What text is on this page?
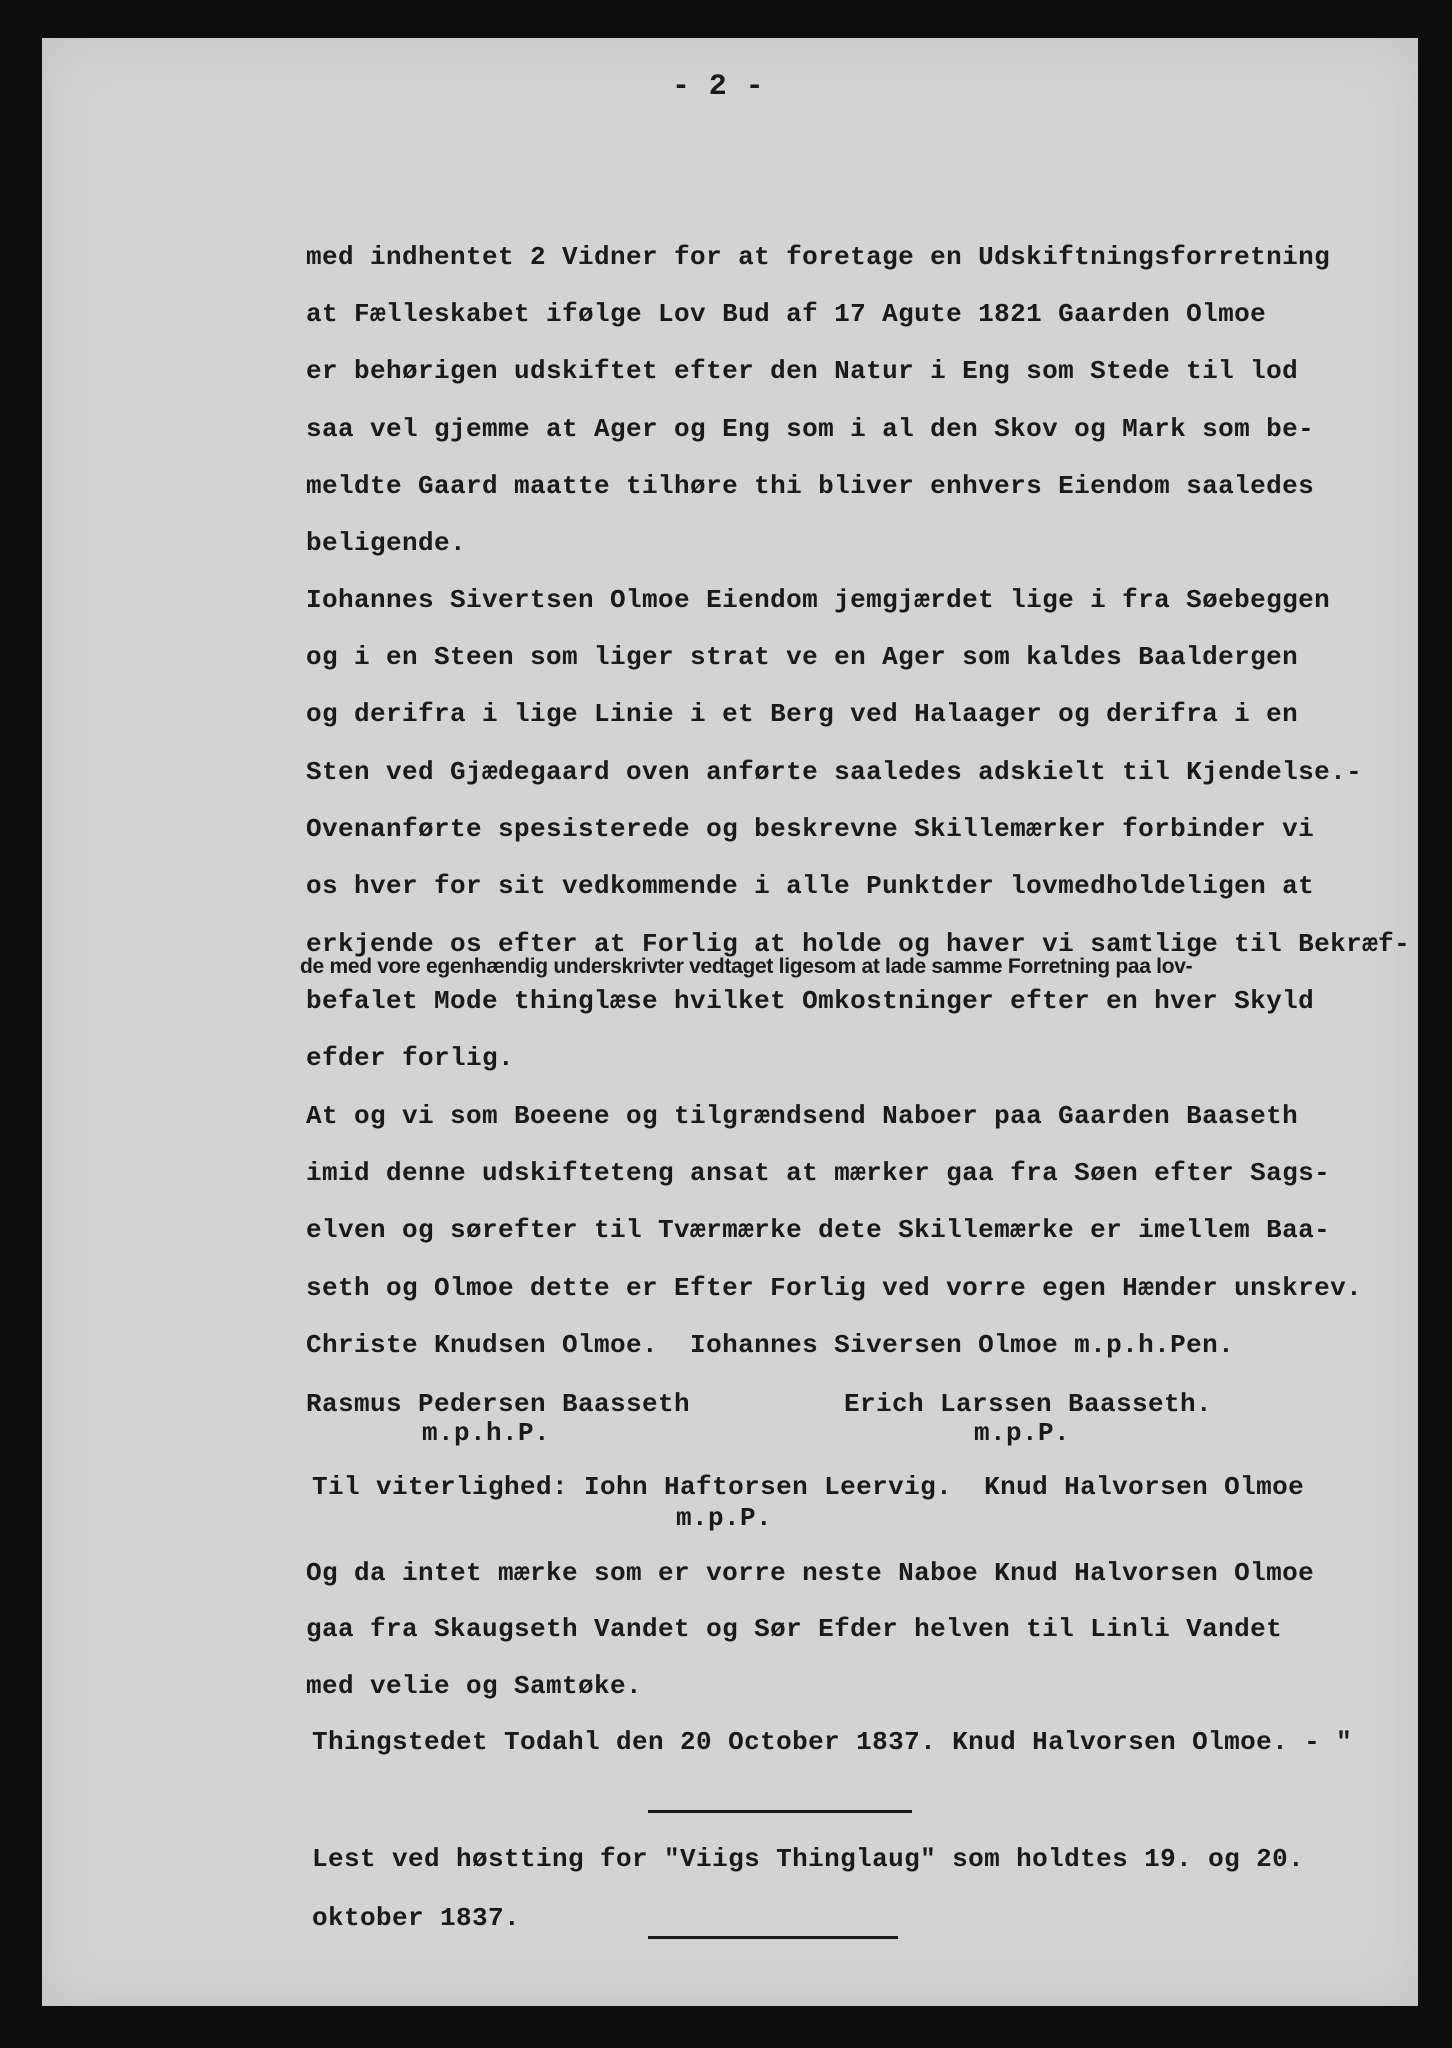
- 2 -
med indhentet 2 Vidner for at foretage en Udskiftningsforretning
at Fælleskabet ifølge Lov Bud af 17 Agute 1821 Gaarden Olmoe
er behørigen udskiftet efter den Natur i Eng som Stede til lod
saa vel gjemme at Ager og Eng som i al den Skov og Mark som be-
meldte Gaard maatte tilhøre thi bliver enhvers Eiendom saaledes
beligende.
Iohannes Sivertsen Olmoe Eiendom jemgjærdet lige i fra Søebeggen
og i en Steen som liger strat ve en Ager som kaldes Baaldergen
og derifra i lige Linie i et Berg ved Halaager og derifra i en
Sten ved Gjædegaard oven anførte saaledes adskielt til Kjendelse.-
Ovenanførte spesisterede og beskrevne Skillemærker forbinder vi
os hver for sit vedkommende i alle Punktder lovmedholdeligen at
erkjende os efter at Forlig at holde og haver vi samtlige til Bekræf-
de med vore egenhændig underskrivter vedtaget ligesom at lade samme Forretning paa lov-
befalet Mode thinglæse hvilket Omkostninger efter en hver Skyld
efder forlig.
At og vi som Boeene og tilgrændsend Naboer paa Gaarden Baaseth
imid denne udskifteteng ansat at mærker gaa fra Søen efter Sags-
elven og sørefter til Tværmærke dete Skillemærke er imellem Baa-
seth og Olmoe dette er Efter Forlig ved vorre egen Hænder unskrev.
Christe Knudsen Olmoe.  Iohannes Siversen Olmoe m.p.h.Pen.
Rasmus Pedersen Baasseth
m.p.h.P.
Erich Larssen Baasseth.
m.p.P.
Til viterlighed: Iohn Haftorsen Leervig.  Knud Halvorsen Olmoe
m.p.P.
Og da intet mærke som er vorre neste Naboe Knud Halvorsen Olmoe
gaa fra Skaugseth Vandet og Sør Efder helven til Linli Vandet
med velie og Samtøke.
Thingstedet Todahl den 20 October 1837. Knud Halvorsen Olmoe. - "
Lest ved høstting for "Viigs Thinglaug" som holdtes 19. og 20.
oktober 1837.
